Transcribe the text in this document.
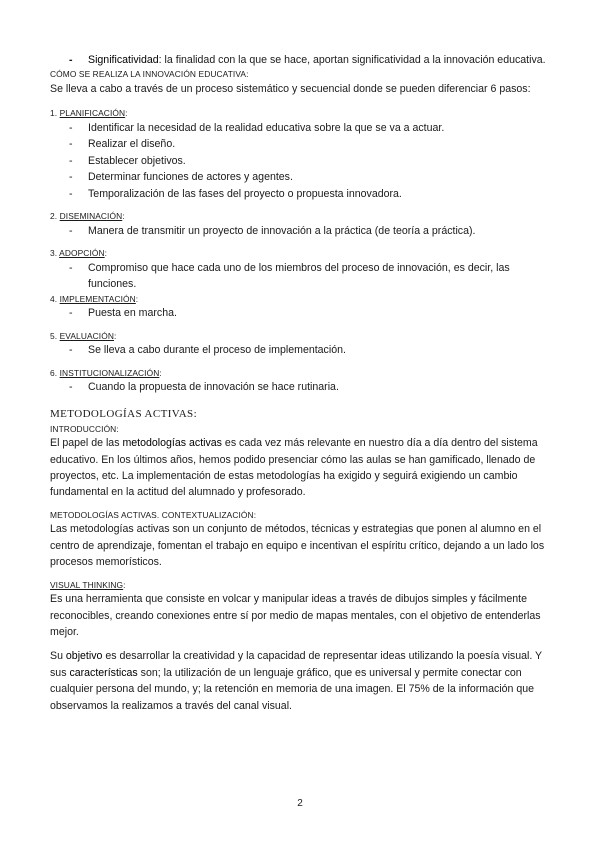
- Significatividad: la finalidad con la que se hace, aportan significatividad a la innovación educativa.

CÓMO SE REALIZA LA INNOVACIÓN EDUCATIVA:

Se lleva a cabo a través de un proceso sistemático y secuencial donde se pueden diferenciar 6 pasos:

1. PLANIFICACIÓN:

- Identificar la necesidad de la realidad educativa sobre la que se va a actuar.
- Realizar el diseño.
- Establecer objetivos.
- Determinar funciones de actores y agentes.
- Temporalización de las fases del proyecto o propuesta innovadora.

2. DISEMINACIÓN:

- Manera de transmitir un proyecto de innovación a la práctica (de teoría a práctica).

3. ADOPCIÓN:

- Compromiso que hace cada uno de los miembros del proceso de innovación, es decir, las funciones.

4. IMPLEMENTACIÓN:

- Puesta en marcha.

5. EVALUACIÓN:

- Se lleva a cabo durante el proceso de implementación.

6. INSTITUCIONALIZACIÓN:

- Cuando la propuesta de innovación se hace rutinaria.

METODOLOGÍAS ACTIVAS:

INTRODUCCIÓN:

El papel de las metodologías activas es cada vez más relevante en nuestro día a día dentro del sistema educativo. En los últimos años, hemos podido presenciar cómo las aulas se han gamificado, llenado de proyectos, etc. La implementación de estas metodologías ha exigido y seguirá exigiendo un cambio fundamental en la actitud del alumnado y profesorado.

METODOLOGÍAS ACTIVAS. CONTEXTUALIZACIÓN:

Las metodologías activas son un conjunto de métodos, técnicas y estrategias que ponen al alumno en el centro de aprendizaje, fomentan el trabajo en equipo e incentivan el espíritu crítico, dejando a un lado los procesos memorísticos.

VISUAL THINKING:

Es una herramienta que consiste en volcar y manipular ideas a través de dibujos simples y fácilmente reconocibles, creando conexiones entre sí por medio de mapas mentales, con el objetivo de entenderlas mejor.

Su objetivo es desarrollar la creatividad y la capacidad de representar ideas utilizando la poesía visual. Y sus características son; la utilización de un lenguaje gráfico, que es universal y permite conectar con cualquier persona del mundo, y; la retención en memoria de una imagen. El 75% de la información que observamos la realizamos a través del canal visual.

2
